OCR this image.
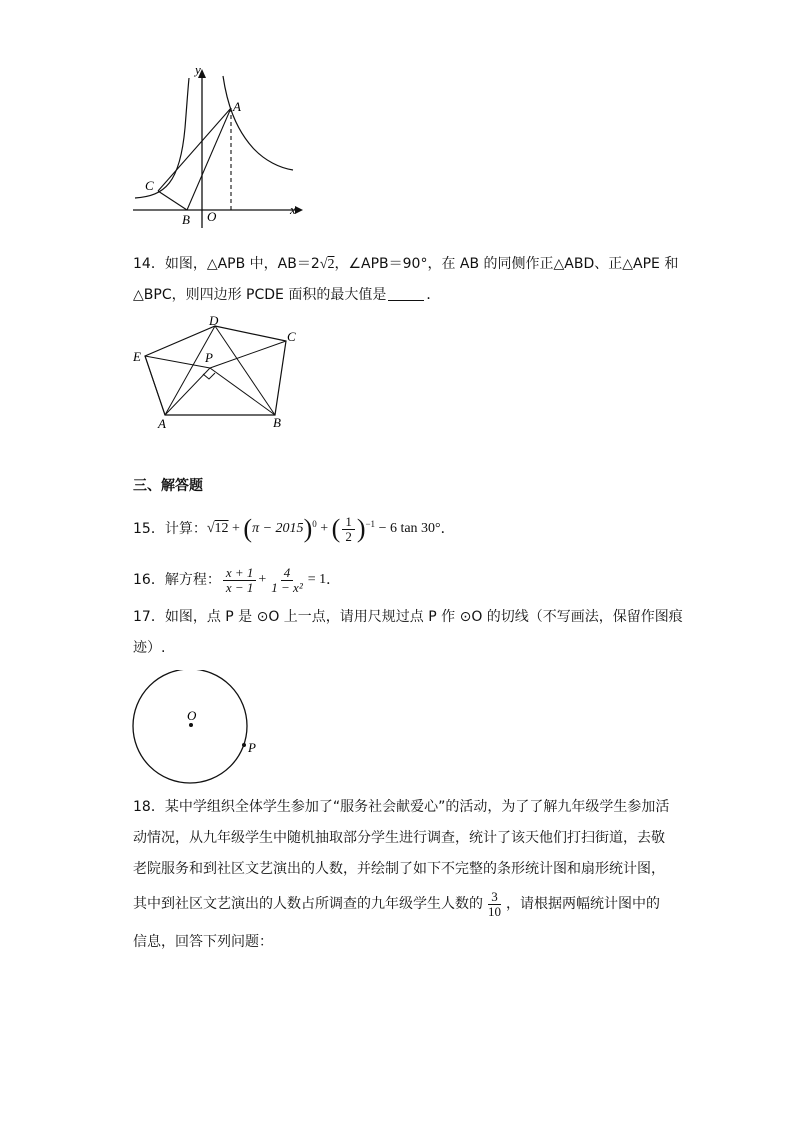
y
x
A
C
B O
14．如图，△APB 中，AB＝2√2，∠APB＝90°，在 AB 的同侧作正△ABD、正△APE 和
△BPC，则四边形 PCDE 面积的最大值是	．
D
C
E	P
A	B
三、解答题
15．计算： √ 12 + ( π − 2015 )$^0$ + ( $\frac{1}{2} )^{-1}$
− 6 tan 30° ．
16．解方程： $\frac{x + 1}{x - 1} + \frac{4}{\text{1 − x²}} = 1$ ．
17．如图，点 P 是 ⊙O 上一点，请用尺规过点 P 作 ⊙O 的切线（不写画法，保留作图痕
迹）.
O
P
18．某中学组织全体学生参加了“服务社会献爱心”的活动，为了了解九年级学生参加活
动情况，从九年级学生中随机抽取部分学生进行调查，统计了该天他们打扫街道，去敬
老院服务和到社区文艺演出的人数，并绘制了如下不完整的条形统计图和扇形统计图，
其中到社区文艺演出的人数占所调查的九年级学生人数的 $\frac{3}{10}$ ，请根据两幅统计图中的
信息，回答下列问题：
